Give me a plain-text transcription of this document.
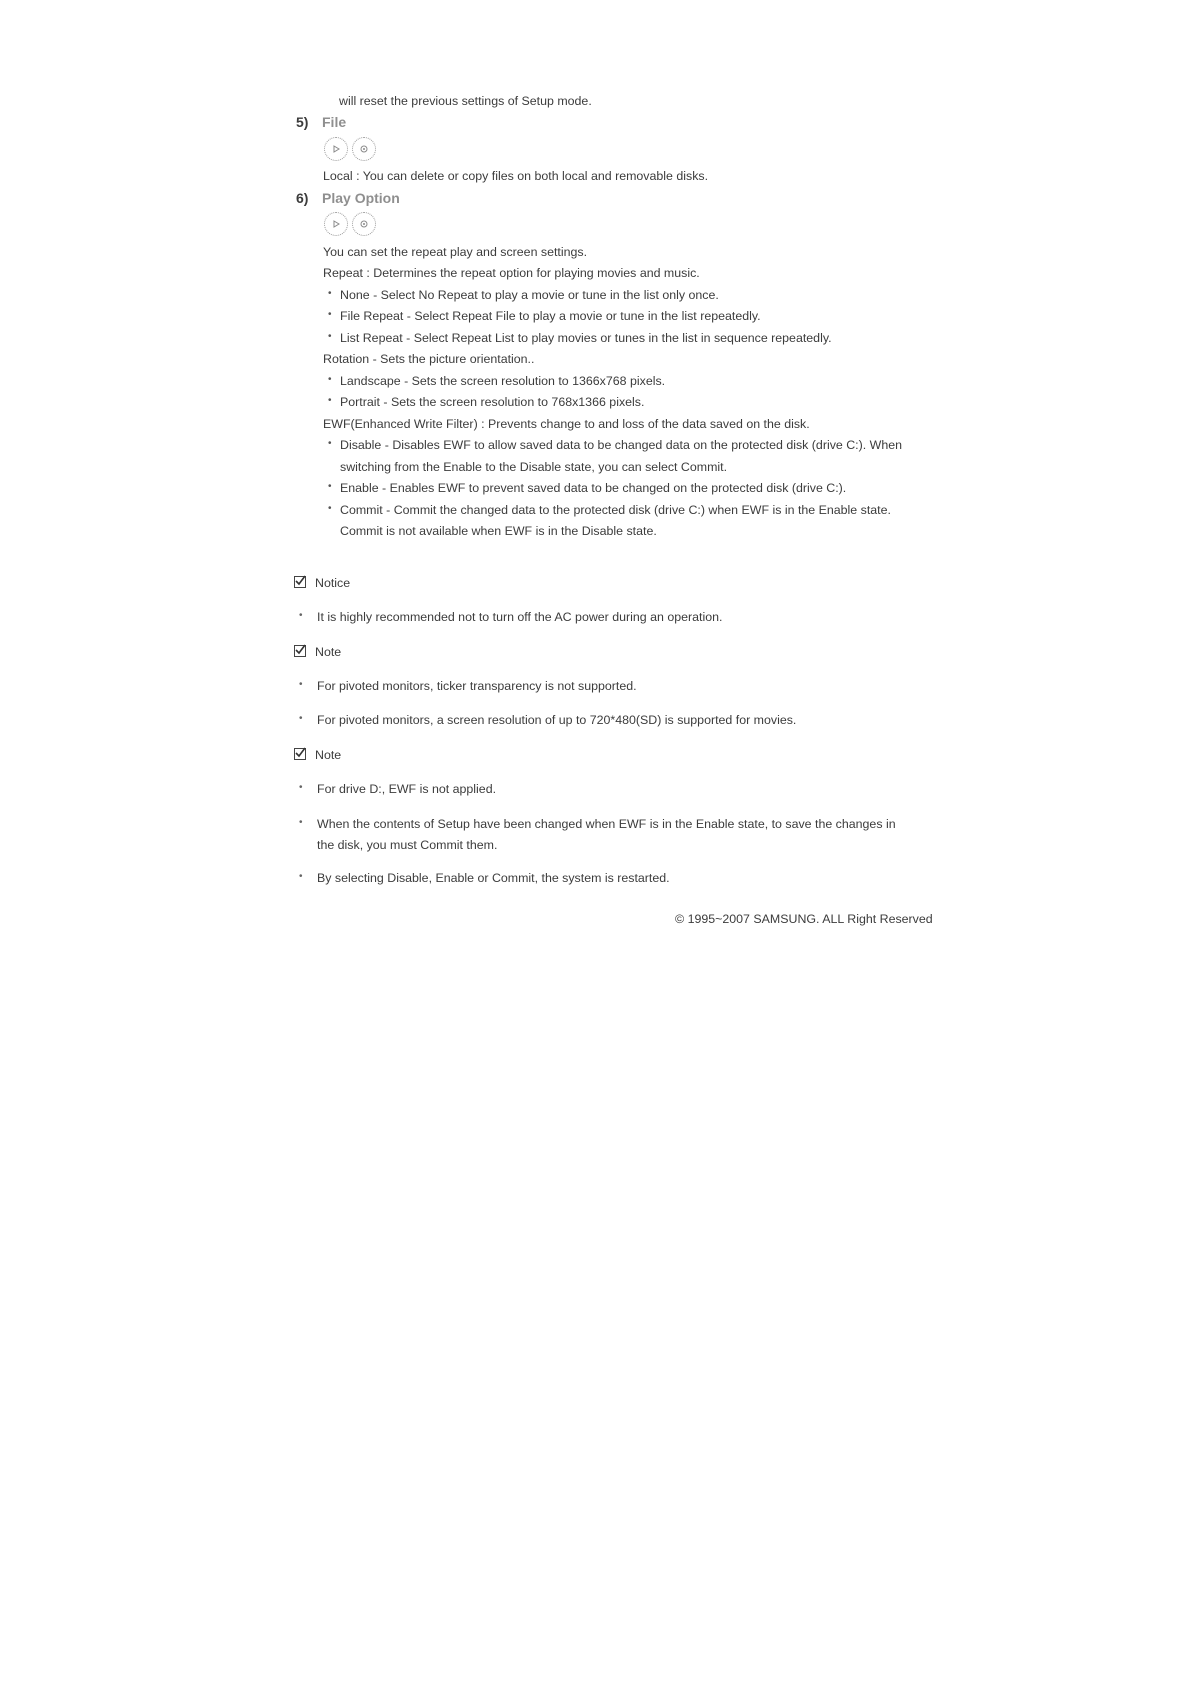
will reset the previous settings of Setup mode.
5) File
Local : You can delete or copy files on both local and removable disks.
6) Play Option
You can set the repeat play and screen settings.
Repeat : Determines the repeat option for playing movies and music.
• None - Select No Repeat to play a movie or tune in the list only once.
• File Repeat - Select Repeat File to play a movie or tune in the list repeatedly.
• List Repeat - Select Repeat List to play movies or tunes in the list in sequence repeatedly.
Rotation - Sets the picture orientation..
• Landscape - Sets the screen resolution to 1366x768 pixels.
• Portrait - Sets the screen resolution to 768x1366 pixels.
EWF(Enhanced Write Filter) : Prevents change to and loss of the data saved on the disk.
• Disable - Disables EWF to allow saved data to be changed data on the protected disk (drive C:). When
switching from the Enable to the Disable state, you can select Commit.
• Enable - Enables EWF to prevent saved data to be changed on the protected disk (drive C:).
• Commit - Commit the changed data to the protected disk (drive C:) when EWF is in the Enable state.
Commit is not available when EWF is in the Disable state.
Notice
• It is highly recommended not to turn off the AC power during an operation.
Note
• For pivoted monitors, ticker transparency is not supported.
• For pivoted monitors, a screen resolution of up to 720*480(SD) is supported for movies.
Note
• For drive D:, EWF is not applied.
• When the contents of Setup have been changed when EWF is in the Enable state, to save the changes in
the disk, you must Commit them.
• By selecting Disable, Enable or Commit, the system is restarted.
© 1995~2007 SAMSUNG. ALL Right Reserved
